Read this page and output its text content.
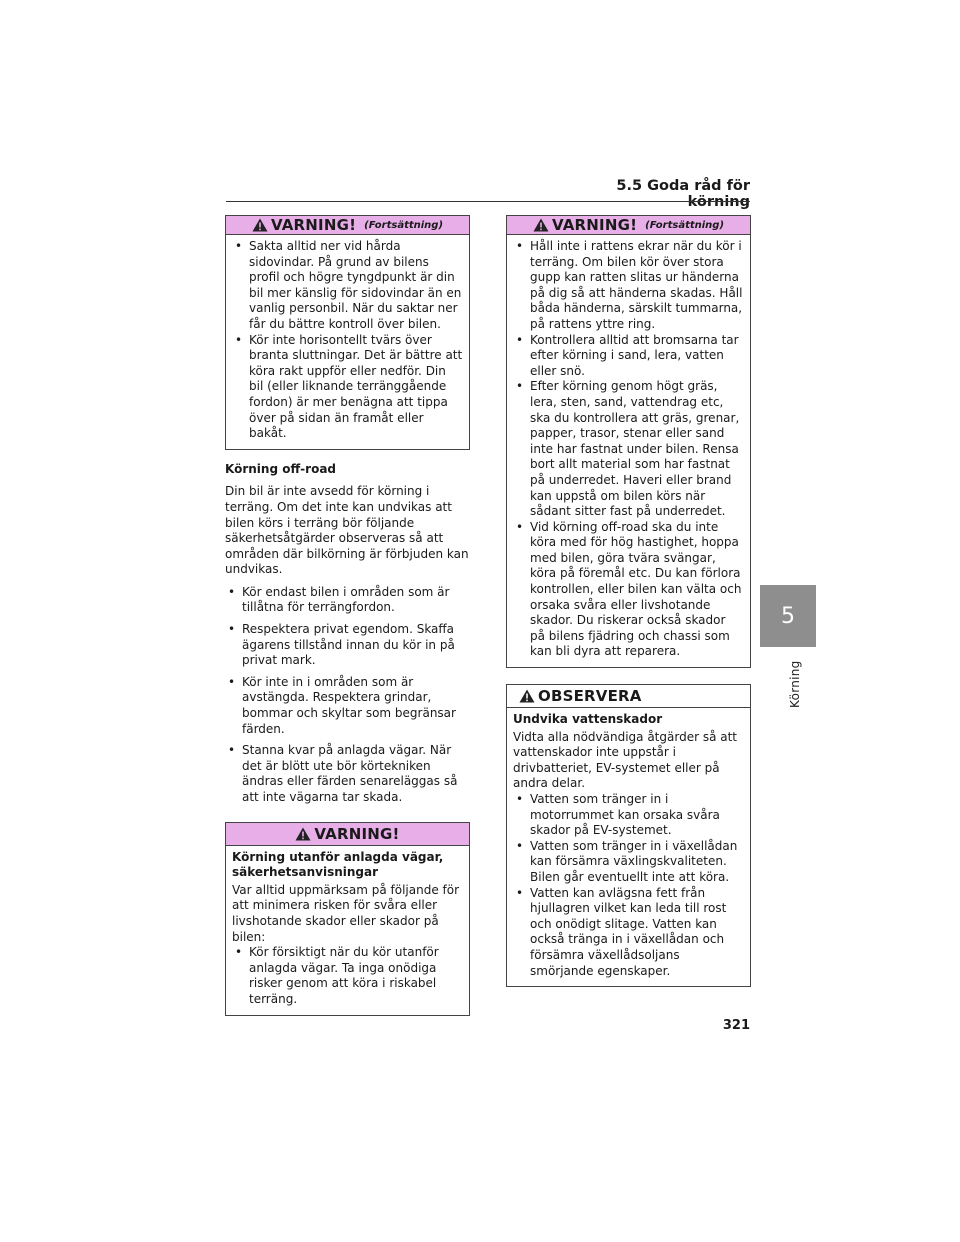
5.5 Goda råd för körning
5
Körning
VARNING! (Fortsättning)
• Sakta alltid ner vid hårda sidovindar. På grund av bilens profil och högre tyngdpunkt är din bil mer känslig för sidovindar än en vanlig personbil. När du saktar ner får du bättre kontroll över bilen.
• Kör inte horisontellt tvärs över branta sluttningar. Det är bättre att köra rakt uppför eller nedför. Din bil (eller liknande terränggående fordon) är mer benägna att tippa över på sidan än framåt eller bakåt.
Körning off-road

Din bil är inte avsedd för körning i terräng. Om det inte kan undvikas att bilen körs i terräng bör följande säkerhetsåtgärder observeras så att områden där bilkörning är förbjuden kan undvikas.

• Kör endast bilen i områden som är tillåtna för terrängfordon.
• Respektera privat egendom. Skaffa ägarens tillstånd innan du kör in på privat mark.
• Kör inte in i områden som är avstängda. Respektera grindar, bommar och skyltar som begränsar färden.
• Stanna kvar på anlagda vägar. När det är blött ute bör körtekniken ändras eller färden senareläggas så att inte vägarna tar skada.
VARNING!
Körning utanför anlagda vägar, säkerhetsanvisningar

Var alltid uppmärksam på följande för att minimera risken för svåra eller livshotande skador eller skador på bilen:

• Kör försiktigt när du kör utanför anlagda vägar. Ta inga onödiga risker genom att köra i riskabel terräng.
VARNING! (Fortsättning)
• Håll inte i rattens ekrar när du kör i terräng. Om bilen kör över stora gupp kan ratten slitas ur händerna på dig så att händerna skadas. Håll båda händerna, särskilt tummarna, på rattens yttre ring.
• Kontrollera alltid att bromsarna tar efter körning i sand, lera, vatten eller snö.
• Efter körning genom högt gräs, lera, sten, sand, vattendrag etc, ska du kontrollera att gräs, grenar, papper, trasor, stenar eller sand inte har fastnat under bilen. Rensa bort allt material som har fastnat på underredet. Haveri eller brand kan uppstå om bilen körs när sådant sitter fast på underredet.
• Vid körning off-road ska du inte köra med för hög hastighet, hoppa med bilen, göra tvära svängar, köra på föremål etc. Du kan förlora kontrollen, eller bilen kan välta och orsaka svåra eller livshotande skador. Du riskerar också skador på bilens fjädring och chassi som kan bli dyra att reparera.
OBSERVERA
Undvika vattenskador

Vidta alla nödvändiga åtgärder så att vattenskador inte uppstår i drivbatteriet, EV-systemet eller på andra delar.

• Vatten som tränger in i motorrummet kan orsaka svåra skador på EV-systemet.
• Vatten som tränger in i växellådan kan försämra växlingskvaliteten. Bilen går eventuellt inte att köra.
• Vatten kan avlägsna fett från hjullagren vilket kan leda till rost och onödigt slitage. Vatten kan också tränga in i växellådan och försämra växellådsoljans smörjande egenskaper.
321
